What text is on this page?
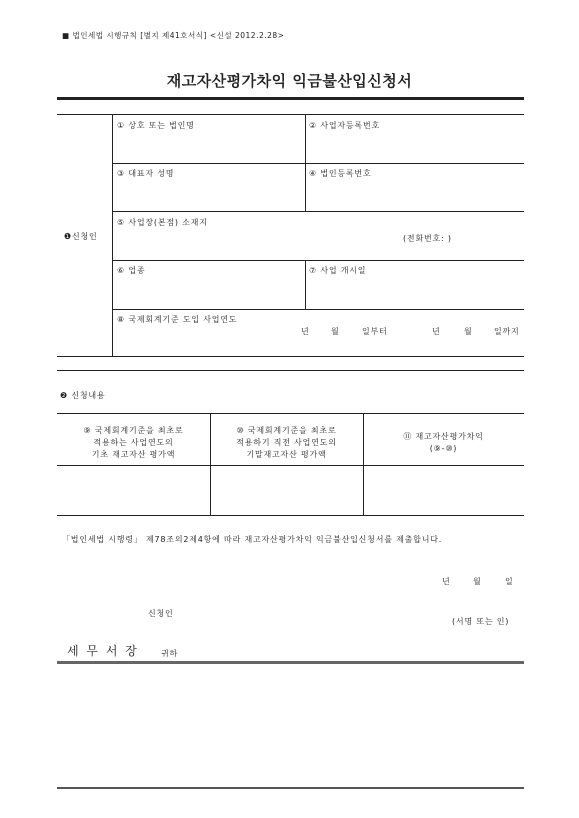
■ 법인세법 시행규칙 [별지 제41호서식] <신설 2012.2.28>
재고자산평가차익 익금불산입신청서
❶신청인
① 상호 또는 법인명	② 사업자등록번호
③ 대표자 성명	④ 법인등록번호
⑤ 사업장(본점) 소재지
(전화번호: )
⑥ 업종	⑦ 사업 개시일
⑧ 국제회계기준 도입 사업연도
년	월	일부터	년	월	일까지
❷ 신청내용
⑨ 국제회계기준을 최초로
적용하는 사업연도의
기초 재고자산 평가액
⑩ 국제회계기준을 최초로
적용하기 직전 사업연도의
기말재고자산 평가액
⑪ 재고자산평가차익
(⑨-⑩)
「법인세법 시행령」 제78조의2제4항에 따라 재고자산평가차익 익금불산입신청서를 제출합니다.
년	월	일
신청인
(서명 또는 인)
세 무 서 장	귀하
